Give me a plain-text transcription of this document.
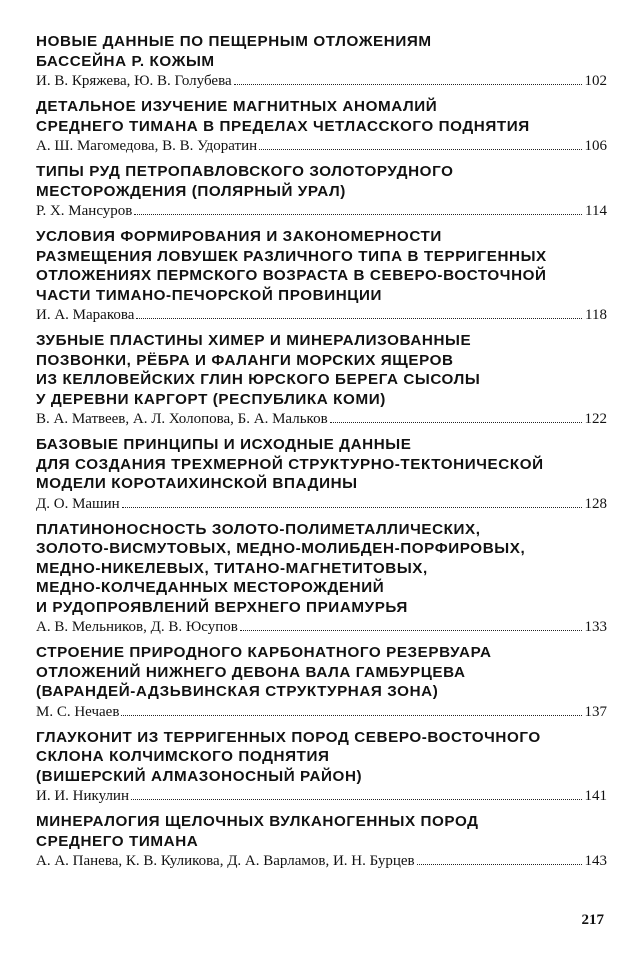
НОВЫЕ ДАННЫЕ ПО ПЕЩЕРНЫМ ОТЛОЖЕНИЯМ
БАССЕЙНА Р. КОЖЫМ
И. В. Кряжева, Ю. В. Голубева	102
ДЕТАЛЬНОЕ ИЗУЧЕНИЕ МАГНИТНЫХ АНОМАЛИЙ
СРЕДНЕГО ТИМАНА В ПРЕДЕЛАХ ЧЕТЛАССКОГО ПОДНЯТИЯ
А. Ш. Магомедова, В. В. Удоратин	106
ТИПЫ РУД ПЕТРОПАВЛОВСКОГО ЗОЛОТОРУДНОГО
МЕСТОРОЖДЕНИЯ (ПОЛЯРНЫЙ УРАЛ)
Р. Х. Мансуров	114
УСЛОВИЯ ФОРМИРОВАНИЯ И ЗАКОНОМЕРНОСТИ
РАЗМЕЩЕНИЯ ЛОВУШЕК РАЗЛИЧНОГО ТИПА В ТЕРРИГЕННЫХ
ОТЛОЖЕНИЯХ ПЕРМСКОГО ВОЗРАСТА В СЕВЕРО-ВОСТОЧНОЙ
ЧАСТИ ТИМАНО-ПЕЧОРСКОЙ ПРОВИНЦИИ
И. А. Маракова	118
ЗУБНЫЕ ПЛАСТИНЫ ХИМЕР И МИНЕРАЛИЗОВАННЫЕ
ПОЗВОНКИ, РЁБРА И ФАЛАНГИ МОРСКИХ ЯЩЕРОВ
ИЗ КЕЛЛОВЕЙСКИХ ГЛИН ЮРСКОГО БЕРЕГА СЫСОЛЫ
У ДЕРЕВНИ КАРГОРТ (РЕСПУБЛИКА КОМИ)
В. А. Матвеев, А. Л. Холопова, Б. А. Мальков	122
БАЗОВЫЕ ПРИНЦИПЫ И ИСХОДНЫЕ ДАННЫЕ
ДЛЯ СОЗДАНИЯ ТРЕХМЕРНОЙ СТРУКТУРНО-ТЕКТОНИЧЕСКОЙ
МОДЕЛИ КОРОТАИХИНСКОЙ ВПАДИНЫ
Д. О. Машин	128
ПЛАТИНОНОСНОСТЬ ЗОЛОТО-ПОЛИМЕТАЛЛИЧЕСКИХ,
ЗОЛОТО-ВИСМУТОВЫХ, МЕДНО-МОЛИБДЕН-ПОРФИРОВЫХ,
МЕДНО-НИКЕЛЕВЫХ, ТИТАНО-МАГНЕТИТОВЫХ,
МЕДНО-КОЛЧЕДАННЫХ МЕСТОРОЖДЕНИЙ
И РУДОПРОЯВЛЕНИЙ ВЕРХНЕГО ПРИАМУРЬЯ
А. В. Мельников, Д. В. Юсупов	133
СТРОЕНИЕ ПРИРОДНОГО КАРБОНАТНОГО РЕЗЕРВУАРА
ОТЛОЖЕНИЙ НИЖНЕГО ДЕВОНА ВАЛА ГАМБУРЦЕВА
(ВАРАНДЕЙ-АДЗЬВИНСКАЯ СТРУКТУРНАЯ ЗОНА)
М. С. Нечаев	137
ГЛАУКОНИТ ИЗ ТЕРРИГЕННЫХ ПОРОД СЕВЕРО-ВОСТОЧНОГО
СКЛОНА КОЛЧИМСКОГО ПОДНЯТИЯ
(ВИШЕРСКИЙ АЛМАЗОНОСНЫЙ РАЙОН)
И. И. Никулин	141
МИНЕРАЛОГИЯ ЩЕЛОЧНЫХ ВУЛКАНОГЕННЫХ ПОРОД
СРЕДНЕГО ТИМАНА
А. А. Панева, К. В. Куликова, Д. А. Варламов, И. Н. Бурцев	143
217
